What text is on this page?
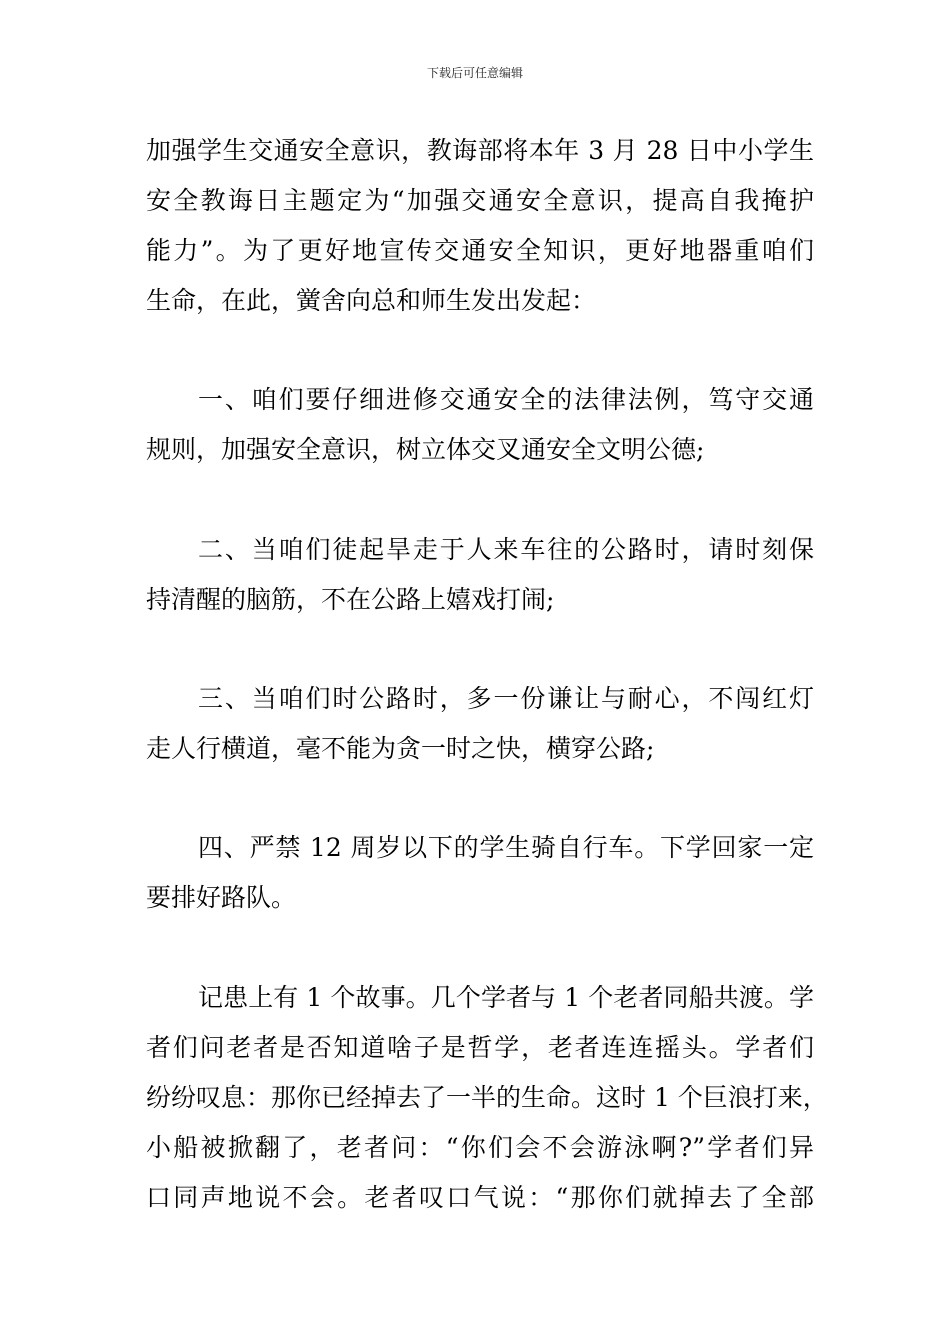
下载后可任意编辑
加强学生交通安全意识，教诲部将本年 3 月 28 日中小学生
安全教诲日主题定为“加强交通安全意识，提高自我掩护
能力”。为了更好地宣传交通安全知识，更好地器重咱们
生命，在此，黉舍向总和师生发出发起：
一、咱们要仔细进修交通安全的法律法例，笃守交通
规则，加强安全意识，树立体交叉通安全文明公德;
二、当咱们徒起旱走于人来车往的公路时，请时刻保
持清醒的脑筋，不在公路上嬉戏打闹;
三、当咱们时公路时，多一份谦让与耐心，不闯红灯
走人行横道，毫不能为贪一时之快，横穿公路;
四、严禁 12 周岁以下的学生骑自行车。下学回家一定
要排好路队。
记患上有 1 个故事。几个学者与 1 个老者同船共渡。学
者们问老者是否知道啥子是哲学，老者连连摇头。学者们
纷纷叹息：那你已经掉去了一半的生命。这时 1 个巨浪打来，
小船被掀翻了，老者问：“你们会不会游泳啊?”学者们异
口同声地说不会。老者叹口气说：“那你们就掉去了全部
